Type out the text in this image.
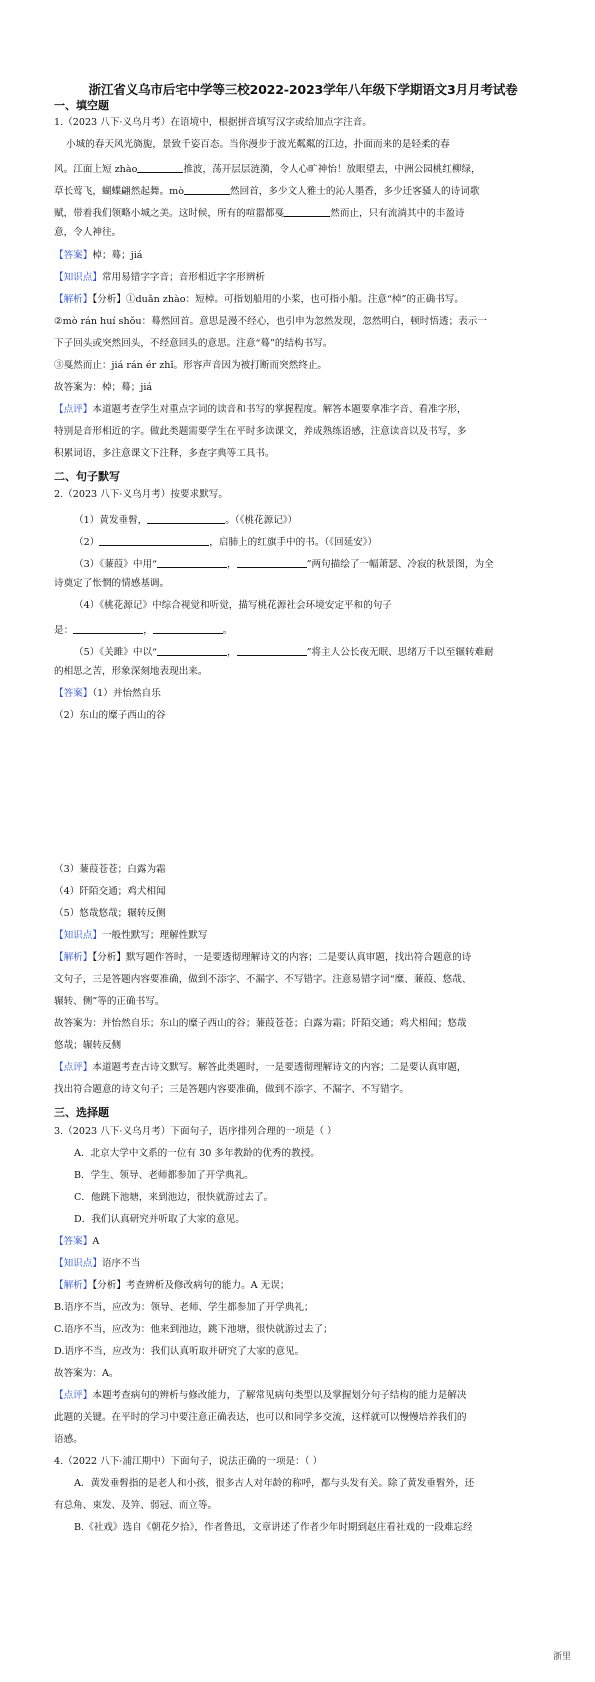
浙江省义乌市后宅中学等三校2022-2023学年八年级下学期语文3月月考试卷
一、填空题
1.（2023 八下·义乌月考）在语境中，根据拼音填写汉字或给加点字注音。
小城的春天风光旖旎，景致千姿百态。当你漫步于波光粼粼的江边，扑面而来的是轻柔的春
风。江面上短 zhào	推波，荡开层层涟漪，令人心旷神怡！放眼望去，中洲公园桃红柳绿，
草长莺飞，蝴蝶翩然起舞。mò	然回首，多少文人雅士的沁人墨香，多少迁客骚人的诗词歌
赋，带着我们领略小城之美。这时候，所有的喧嚣都戛	然而止，只有流淌其中的丰盈诗
意，令人神往。
【答案】棹；蓦；jiá
【知识点】常用易错字字音；音形相近字字形辨析
【解析】【分析】①duǎn zhào：短棹。可指划船用的小桨，也可指小船。注意“棹”的正确书写。
②mò rán huí shǒu：蓦然回首。意思是漫不经心，也引申为忽然发现，忽然明白，顿时悟透；表示一
下子回头或突然回头，不经意回头的意思。注意“蓦”的结构书写。
③戛然而止：jiá rán ér zhǐ。形容声音因为被打断而突然终止。
故答案为：棹；蓦；jiá
【点评】本道题考查学生对重点字词的读音和书写的掌握程度。解答本题要拿准字音、看准字形，
特别是音形相近的字。做此类题需要学生在平时多读课文，养成熟练语感，注意读音以及书写，多
积累词语，多注意课文下注释，多查字典等工具书。
二、句子默写
2.（2023 八下·义乌月考）按要求默写。
（1）黄发垂髫，	。（《桃花源记》）
（2）	，启肺上的红旗手中的书。（《回延安》）
（3）《蒹葭》中用“	，	”两句描绘了一幅萧瑟、冷寂的秋景图，为全
诗奠定了怅惘的情感基调。
（4）《桃花源记》中综合视觉和听觉，描写桃花源社会环境安定平和的句子
是：	，	。
（5）《关雎》中以“	，	”将主人公长夜无眠、思绪万千以至辗转难耐
的相思之苦，形象深刻地表现出来。
【答案】（1）并怡然自乐
（2）东山的糜子西山的谷
（3）蒹葭苍苍；白露为霜
（4）阡陌交通；鸡犬相闻
（5）悠哉悠哉；辗转反侧
【知识点】一般性默写；理解性默写
【解析】【分析】默写题作答时，一是要透彻理解诗文的内容；二是要认真审题，找出符合题意的诗
文句子，三是答题内容要准确，做到不添字、不漏字、不写错字。注意易错字词“糜、蒹葭、悠哉、
辗转、侧”等的正确书写。
故答案为：并怡然自乐；东山的糜子西山的谷；蒹葭苍苍；白露为霜；阡陌交通；鸡犬相闻；悠哉
悠哉；辗转反侧
【点评】本道题考查古诗文默写。解答此类题时，一是要透彻理解诗文的内容；二是要认真审题，
找出符合题意的诗文句子；三是答题内容要准确，做到不添字、不漏字、不写错字。
三、选择题
3.（2023 八下·义乌月考）下面句子，语序排列合理的一项是（ ）
A．北京大学中文系的一位有 30 多年教龄的优秀的教授。
B．学生、领导、老师都参加了开学典礼。
C．他跳下池塘，来到池边，很快就游过去了。
D．我们认真研究并听取了大家的意见。
【答案】A
【知识点】语序不当
【解析】【分析】考查辨析及修改病句的能力。A 无误；
B.语序不当，应改为：领导、老师、学生都参加了开学典礼；
C.语序不当，应改为：他来到池边，跳下池塘，很快就游过去了；
D.语序不当，应改为：我们认真听取并研究了大家的意见。
故答案为：A。
【点评】本题考查病句的辨析与修改能力，了解常见病句类型以及掌握划分句子结构的能力是解决
此题的关键。在平时的学习中要注意正确表达，也可以和同学多交流，这样就可以慢慢培养我们的
语感。
4.（2022 八下·浦江期中）下面句子，说法正确的一项是：（ ）
A．黄发垂髫指的是老人和小孩，很多古人对年龄的称呼，都与头发有关。除了黄发垂髫外，还
有总角、束发、及笄、弱冠、而立等。
B.《社戏》选自《朝花夕拾》，作者鲁迅，文章讲述了作者少年时期到赵庄看社戏的一段难忘经
浙里
